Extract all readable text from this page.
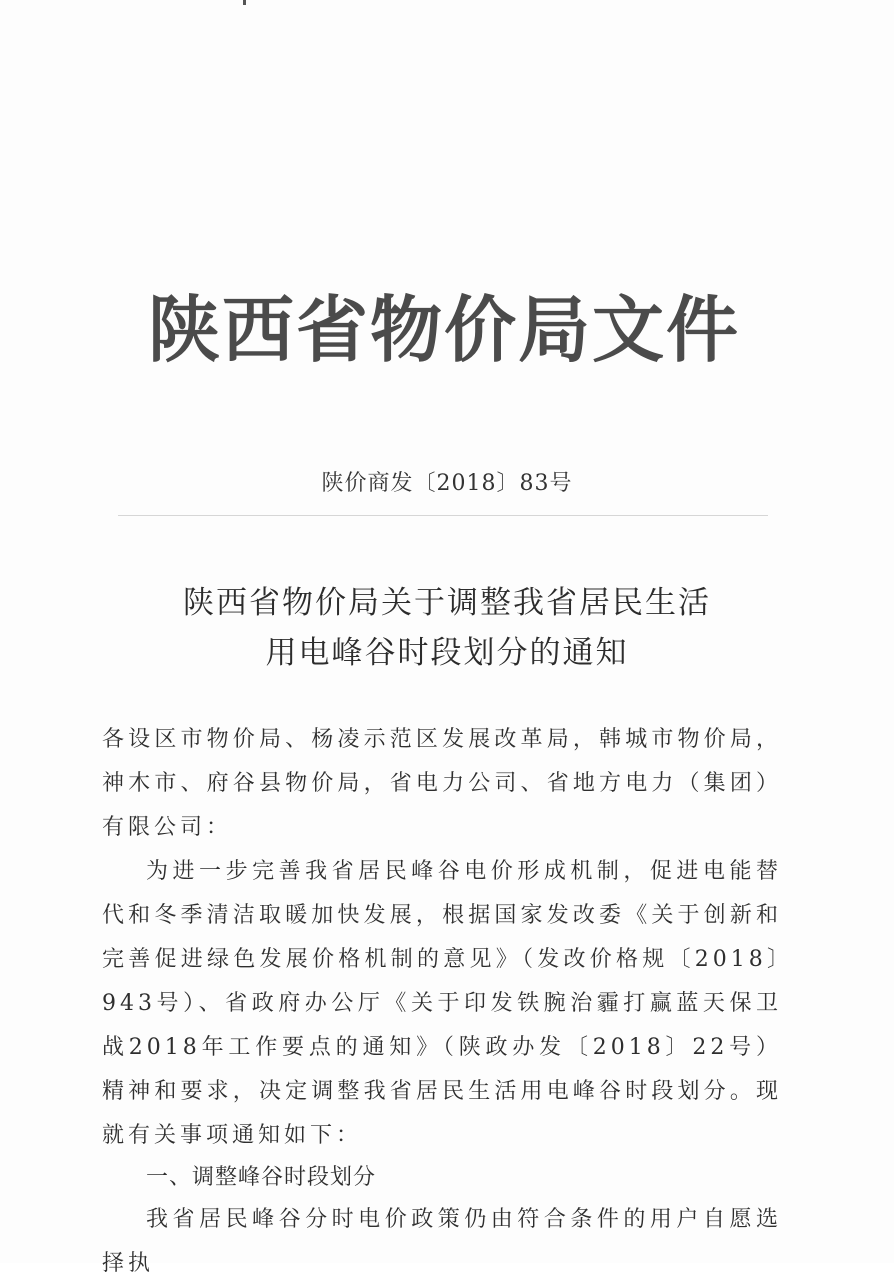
陕西省物价局文件
陕价商发〔2018〕83号
陕西省物价局关于调整我省居民生活
用电峰谷时段划分的通知

各设区市物价局、杨凌示范区发展改革局，韩城市物价局，神木市、府谷县物价局，省电力公司、省地方电力（集团）有限公司：

为进一步完善我省居民峰谷电价形成机制，促进电能替代和冬季清洁取暖加快发展，根据国家发改委《关于创新和完善促进绿色发展价格机制的意见》（发改价格规〔2018〕943号）、省政府办公厅《关于印发铁腕治霾打赢蓝天保卫战2018年工作要点的通知》（陕政办发〔2018〕22号）精神和要求，决定调整我省居民生活用电峰谷时段划分。现就有关事项通知如下：

一、调整峰谷时段划分

我省居民峰谷分时电价政策仍由符合条件的用户自愿选择执
